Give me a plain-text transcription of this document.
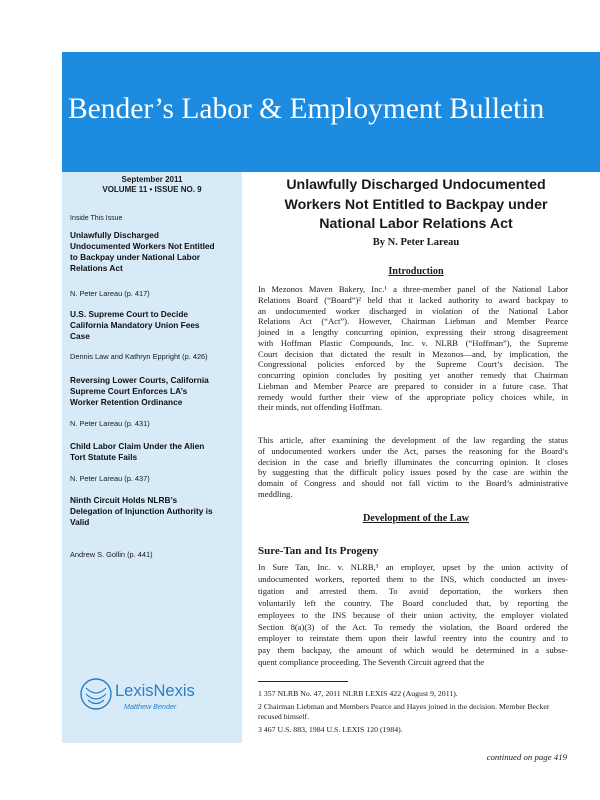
Bender’s Labor & Employment Bulletin
September 2011
VOLUME 11 • ISSUE NO. 9
Inside This Issue
Unlawfully Discharged
Undocumented Workers Not Entitled
to Backpay under National Labor
Relations Act
N. Peter Lareau (p. 417)
U.S. Supreme Court to Decide
California Mandatory Union Fees
Case
Dennis Law and Kathryn Eppright (p. 426)
Reversing Lower Courts, California
Supreme Court Enforces LA’s
Worker Retention Ordinance
N. Peter Lareau (p. 431)
Child Labor Claim Under the Alien
Tort Statute Fails
N. Peter Lareau (p. 437)
Ninth Circuit Holds NLRB’s
Delegation of Injunction Authority is
Valid
Andrew S. Gollin (p. 441)
LexisNexis
Matthew Bender
Unlawfully Discharged Undocumented
Workers Not Entitled to Backpay under
National Labor Relations Act
By N. Peter Lareau
Introduction
In Mezonos Maven Bakery, Inc.¹ a three-member panel of the National Labor
Relations Board (“Board”)² held that it lacked authority to award backpay to
an undocumented worker discharged in violation of the National Labor
Relations Act (“Act”). However, Chairman Liebman and Member Pearce
joined in a lengthy concurring opinion, expressing their strong disagreement
with Hoffman Plastic Compounds, Inc. v. NLRB (“Hoffman”), the Supreme
Court decision that dictated the result in Mezonos—and, by implication, the
Congressional policies enforced by the Supreme Court’s decision. The
concurring opinion concludes by positing yet another remedy that Chairman
Liebman and Member Pearce are prepared to consider in a future case. That
remedy would further their view of the appropriate policy choices while, in
their minds, not offending Hoffman.
This article, after examining the development of the law regarding the status
of undocumented workers under the Act, parses the reasoning for the Board’s
decision in the case and briefly illuminates the concurring opinion. It closes
by suggesting that the difficult policy issues posed by the case are within the
domain of Congress and should not fall victim to the Board’s administrative
meddling.
Development of the Law
Sure-Tan and Its Progeny
In Sure Tan, Inc. v. NLRB,³ an employer, upset by the union activity of
undocumented workers, reported them to the INS, which conducted an inves-
tigation and arrested them. To avoid deportation, the workers then
voluntarily left the country. The Board concluded that, by reporting the
employees to the INS because of their union activity, the employer violated
Section 8(a)(3) of the Act. To remedy the violation, the Board ordered the
employer to reinstate them upon their lawful reentry into the country and to
pay them backpay, the amount of which would be determined in a subse-
quent compliance proceeding. The Seventh Circuit agreed that the
1 357 NLRB No. 47, 2011 NLRB LEXIS 422 (August 9, 2011).
2 Chairman Liebman and Members Pearce and Hayes joined in the decision. Member Becker recused himself.
3 467 U.S. 883, 1984 U.S. LEXIS 120 (1984).
continued on page 419
